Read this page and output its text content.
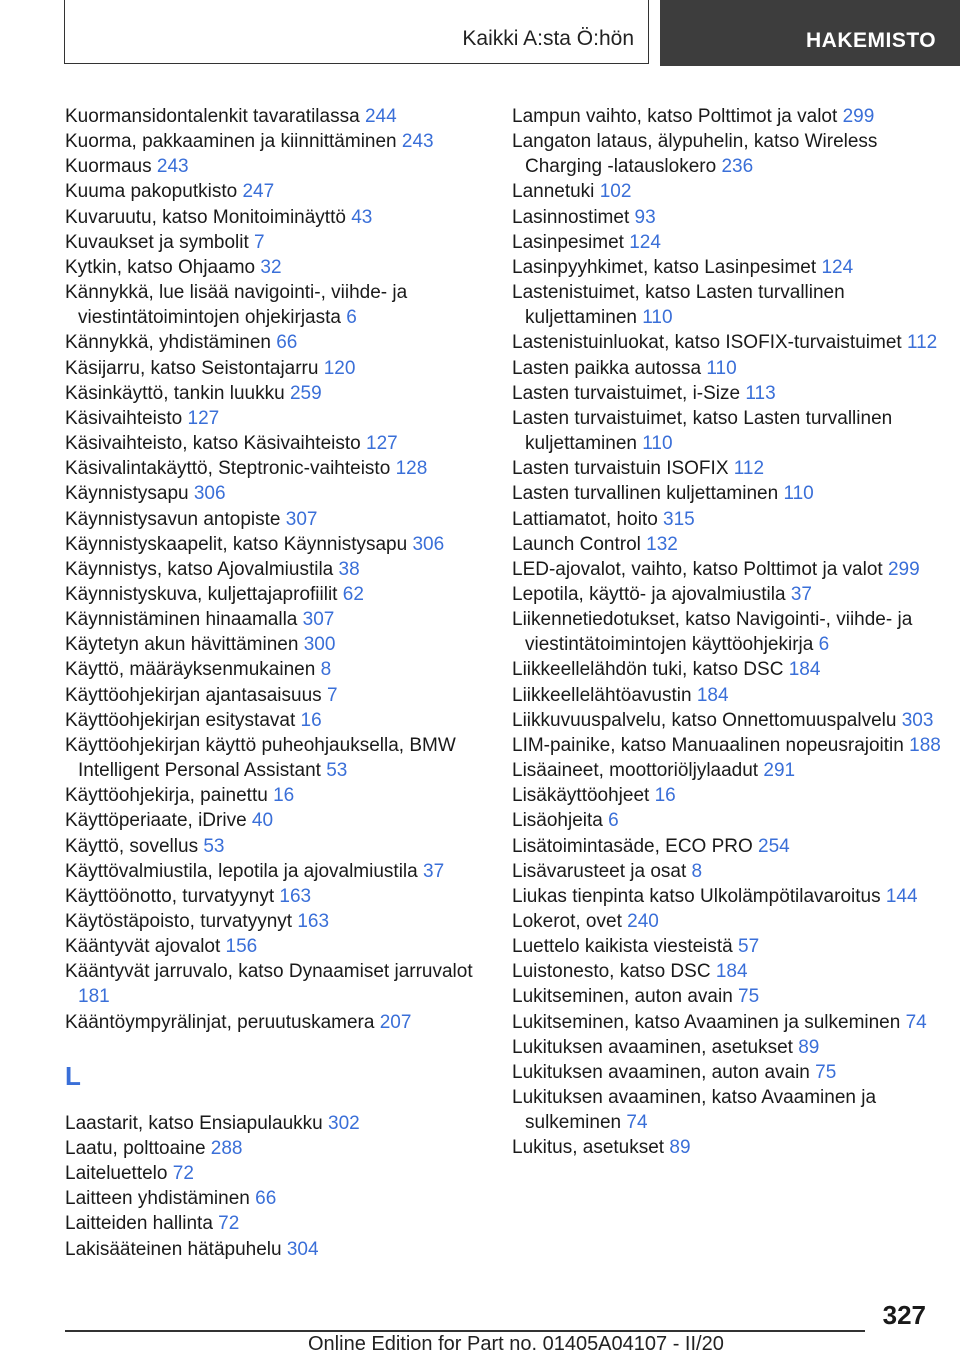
Kaikki A:sta Ö:hön	HAKEMISTO

Kuormansidontalenkit tavaratilassa 244

Kuorma, pakkaaminen ja kiinnittäminen 243

Kuormaus 243

Kuuma pakoputkisto 247

Kuvaruutu, katso Monitoiminäyttö 43

Kuvaukset ja symbolit 7

Kytkin, katso Ohjaamo 32

Kännykkä, lue lisää navigointi-, viihde- ja viestintätoimintojen ohjekirjasta 6

Kännykkä, yhdistäminen 66

Käsijarru, katso Seistontajarru 120

Käsinkäyttö, tankin luukku 259

Käsivaihteisto 127

Käsivaihteisto, katso Käsivaihteisto 127

Käsivalintakäyttö, Steptronic-vaihteisto 128

Käynnistysapu 306

Käynnistysavun antopiste 307

Käynnistyskaapelit, katso Käynnistysapu 306

Käynnistys, katso Ajovalmiustila 38

Käynnistyskuva, kuljettajaprofiilit 62

Käynnistäminen hinaamalla 307

Käytetyn akun hävittäminen 300

Käyttö, määräyksenmukainen 8

Käyttöohjekirjan ajantasaisuus 7

Käyttöohjekirjan esitystavat 16

Käyttöohjekirjan käyttö puheohjauksella, BMW Intelligent Personal Assistant 53

Käyttöohjekirja, painettu 16

Käyttöperiaate, iDrive 40

Käyttö, sovellus 53

Käyttövalmiustila, lepotila ja ajovalmiustila 37

Käyttöönotto, turvatyynyt 163

Käytöstäpoisto, turvatyynyt 163

Kääntyvät ajovalot 156

Kääntyvät jarruvalo, katso Dynaamiset jarruvalot 181

Kääntöympyrälinjat, peruutuskamera 207

L

Laastarit, katso Ensiapulaukku 302

Laatu, polttoaine 288

Laiteluettelo 72

Laitteen yhdistäminen 66

Laitteiden hallinta 72

Lakisääteinen hätäpuhelu 304

Lampun vaihto, katso Polttimot ja valot 299

Langaton lataus, älypuhelin, katso Wireless Charging -latauslokero 236

Lannetuki 102

Lasinnostimet 93

Lasinpesimet 124

Lasinpyyhkimet, katso Lasinpesimet 124

Lastenistuimet, katso Lasten turvallinen kuljettaminen 110

Lastenistuinluokat, katso ISOFIX-turvaistuimet 112

Lasten paikka autossa 110

Lasten turvaistuimet, i-Size 113

Lasten turvaistuimet, katso Lasten turvallinen kuljettaminen 110

Lasten turvaistuin ISOFIX 112

Lasten turvallinen kuljettaminen 110

Lattiamatot, hoito 315

Launch Control 132

LED-ajovalot, vaihto, katso Polttimot ja valot 299

Lepotila, käyttö- ja ajovalmiustila 37

Liikennetiedotukset, katso Navigointi-, viihde- ja viestintätoimintojen käyttöohjekirja 6

Liikkeellelähdön tuki, katso DSC 184

Liikkeellelähtöavustin 184

Liikkuvuuspalvelu, katso Onnettomuuspalvelu 303

LIM-painike, katso Manuaalinen nopeusrajoitin 188

Lisäaineet, moottoriöljylaadut 291

Lisäkäyttöohjeet 16

Lisäohjeita 6

Lisätoimintasäde, ECO PRO 254

Lisävarusteet ja osat 8

Liukas tienpinta katso Ulkolämpötilavaroitus 144

Lokerot, ovet 240

Luettelo kaikista viesteistä 57

Luistonesto, katso DSC 184

Lukitseminen, auton avain 75

Lukitseminen, katso Avaaminen ja sulkeminen 74

Lukituksen avaaminen, asetukset 89

Lukituksen avaaminen, auton avain 75

Lukituksen avaaminen, katso Avaaminen ja sulkeminen 74

Lukitus, asetukset 89

327
Online Edition for Part no. 01405A04107 - II/20
